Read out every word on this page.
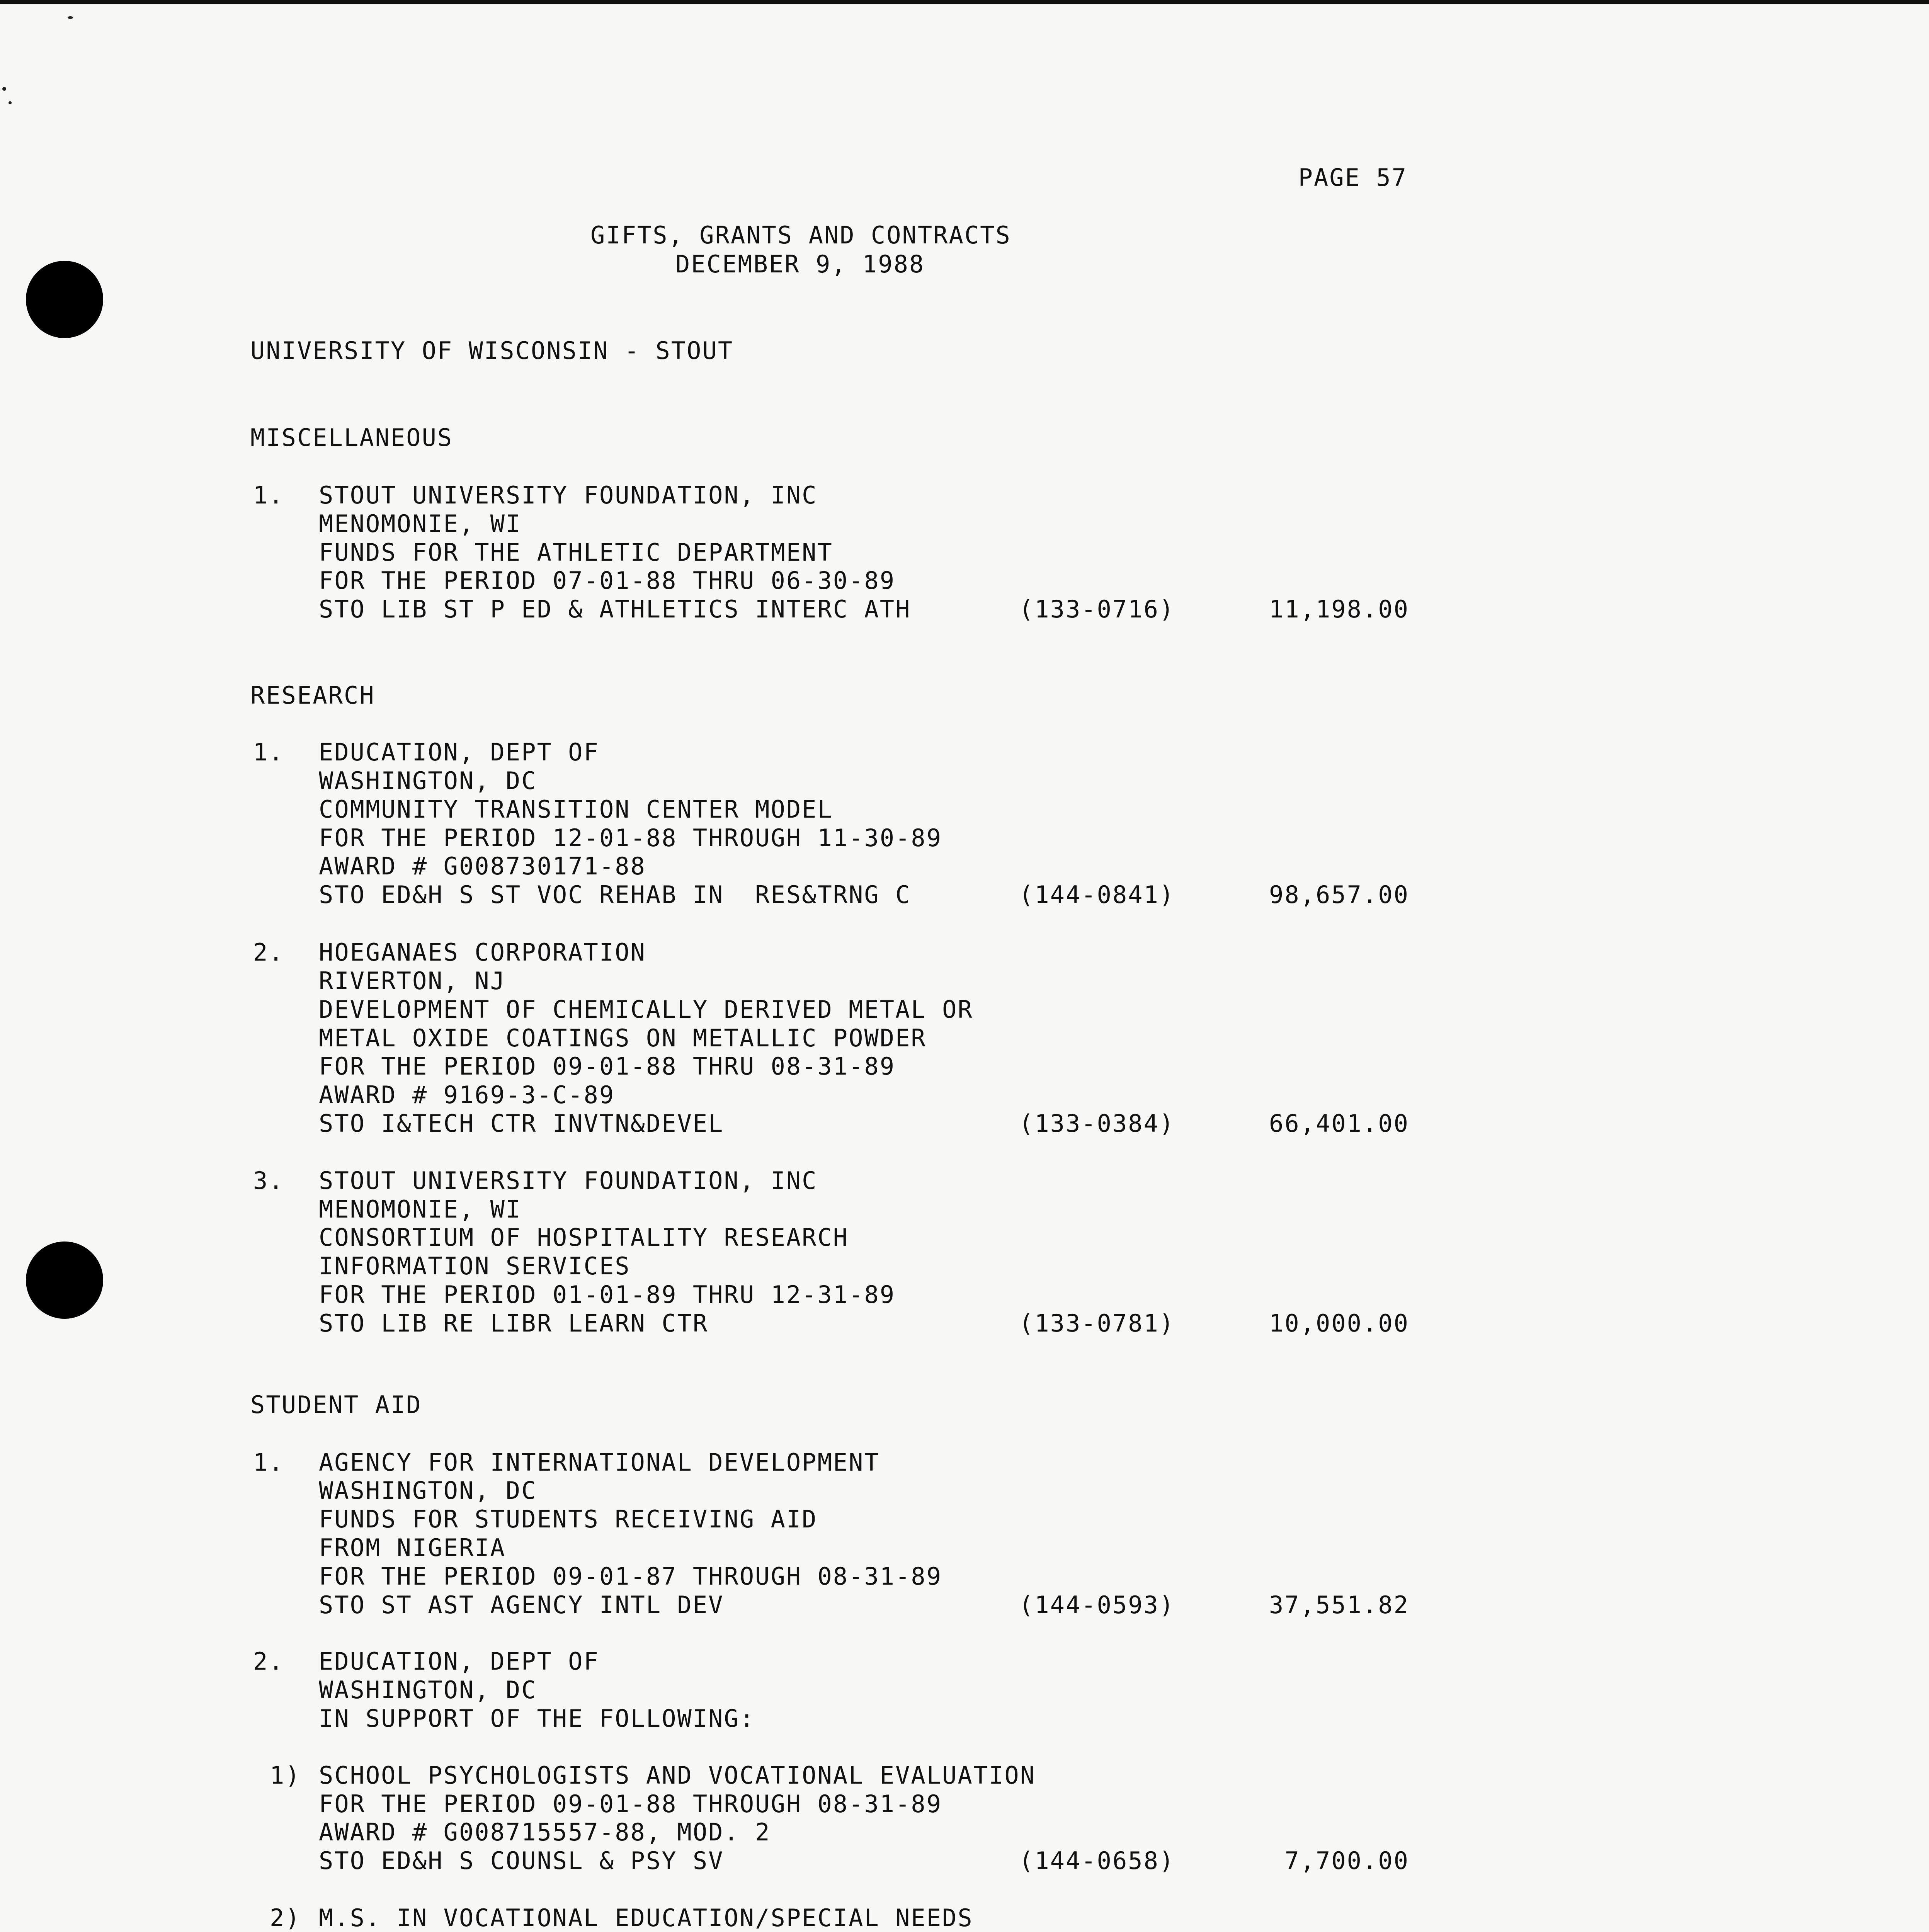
PAGE 57
GIFTS, GRANTS AND CONTRACTS
DECEMBER 9, 1988
UNIVERSITY OF WISCONSIN - STOUT
MISCELLANEOUS
1. STOUT UNIVERSITY FOUNDATION, INC
MENOMONIE, WI
FUNDS FOR THE ATHLETIC DEPARTMENT
FOR THE PERIOD 07-01-88 THRU 06-30-89
STO LIB ST P ED & ATHLETICS INTERC ATH	(133-0716)	11,198.00
RESEARCH
1. EDUCATION, DEPT OF
WASHINGTON, DC
COMMUNITY TRANSITION CENTER MODEL
FOR THE PERIOD 12-01-88 THROUGH 11-30-89
AWARD # G008730171-88
STO ED&H S ST VOC REHAB IN  RES&TRNG C	(144-0841)	98,657.00
2. HOEGANAES CORPORATION
RIVERTON, NJ
DEVELOPMENT OF CHEMICALLY DERIVED METAL OR
METAL OXIDE COATINGS ON METALLIC POWDER
FOR THE PERIOD 09-01-88 THRU 08-31-89
AWARD # 9169-3-C-89
STO I&TECH CTR INVTN&DEVEL	(133-0384)	66,401.00
3. STOUT UNIVERSITY FOUNDATION, INC
MENOMONIE, WI
CONSORTIUM OF HOSPITALITY RESEARCH
INFORMATION SERVICES
FOR THE PERIOD 01-01-89 THRU 12-31-89
STO LIB RE LIBR LEARN CTR	(133-0781)	10,000.00
STUDENT AID
1. AGENCY FOR INTERNATIONAL DEVELOPMENT
WASHINGTON, DC
FUNDS FOR STUDENTS RECEIVING AID
FROM NIGERIA
FOR THE PERIOD 09-01-87 THROUGH 08-31-89
STO ST AST AGENCY INTL DEV	(144-0593)	37,551.82
2. EDUCATION, DEPT OF
WASHINGTON, DC
IN SUPPORT OF THE FOLLOWING:
1) SCHOOL PSYCHOLOGISTS AND VOCATIONAL EVALUATION
FOR THE PERIOD 09-01-88 THROUGH 08-31-89
AWARD # G008715557-88, MOD. 2
STO ED&H S COUNSL & PSY SV	(144-0658)	7,700.00
2) M.S. IN VOCATIONAL EDUCATION/SPECIAL NEEDS
